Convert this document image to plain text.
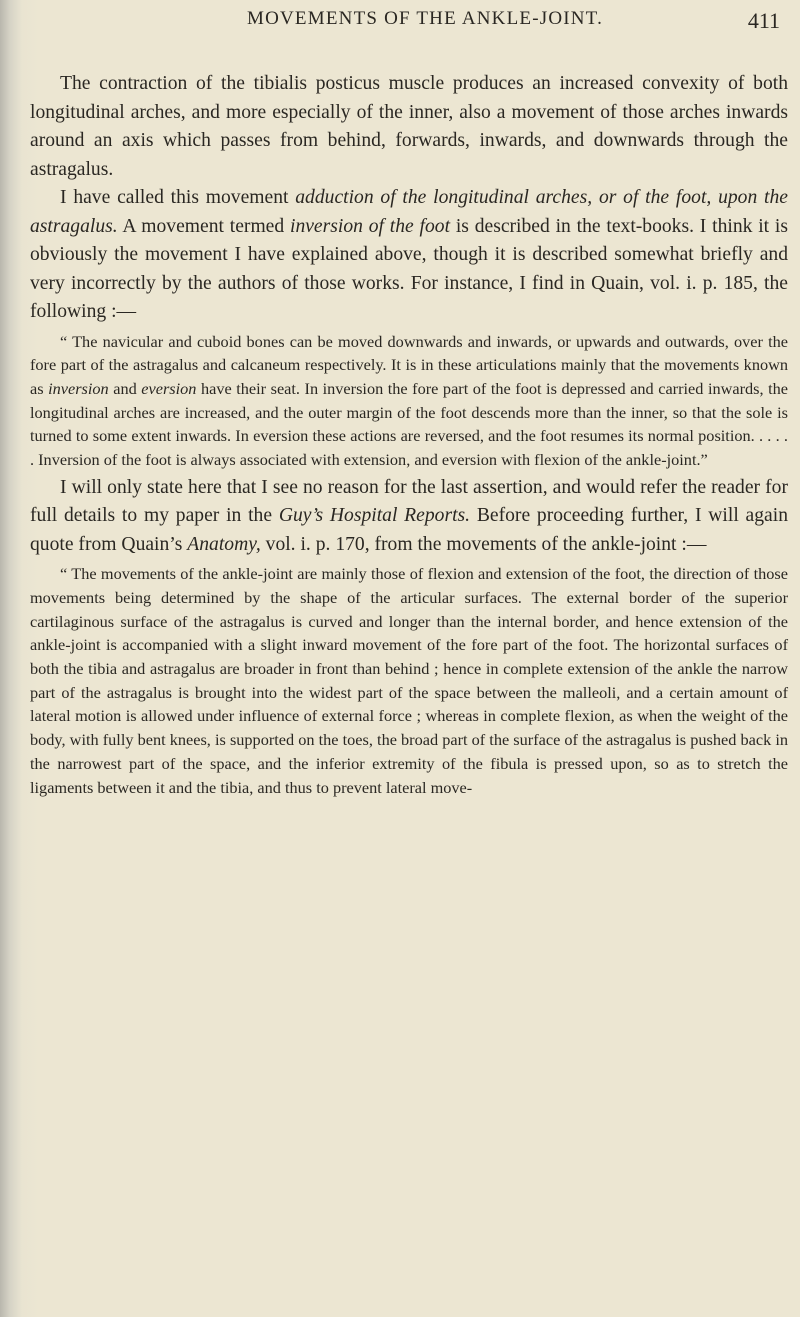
MOVEMENTS OF THE ANKLE-JOINT.	411

The contraction of the tibialis posticus muscle produces an increased convexity of both longitudinal arches, and more especially of the inner, also a movement of those arches inwards around an axis which passes from behind, forwards, inwards, and downwards through the astragalus.

I have called this movement adduction of the longitudinal arches, or of the foot, upon the astragalus. A movement termed inversion of the foot is described in the text-books. I think it is obviously the movement I have explained above, though it is described somewhat briefly and very incorrectly by the authors of those works. For instance, I find in Quain, vol. i. p. 185, the following :—

“ The navicular and cuboid bones can be moved downwards and inwards, or upwards and outwards, over the fore part of the astragalus and calcaneum respectively. It is in these articulations mainly that the movements known as inversion and eversion have their seat. In inversion the fore part of the foot is depressed and carried inwards, the longitudinal arches are increased, and the outer margin of the foot descends more than the inner, so that the sole is turned to some extent inwards. In eversion these actions are reversed, and the foot resumes its normal position. . . . . . Inversion of the foot is always associated with extension, and eversion with flexion of the ankle-joint.”

I will only state here that I see no reason for the last assertion, and would refer the reader for full details to my paper in the Guy’s Hospital Reports. Before proceeding further, I will again quote from Quain’s Anatomy, vol. i. p. 170, from the movements of the ankle-joint :—

“ The movements of the ankle-joint are mainly those of flexion and extension of the foot, the direction of those movements being determined by the shape of the articular surfaces. The external border of the superior cartilaginous surface of the astragalus is curved and longer than the internal border, and hence extension of the ankle-joint is accompanied with a slight inward movement of the fore part of the foot. The horizontal surfaces of both the tibia and astragalus are broader in front than behind ; hence in complete extension of the ankle the narrow part of the astragalus is brought into the widest part of the space between the malleoli, and a certain amount of lateral motion is allowed under influence of external force ; whereas in complete flexion, as when the weight of the body, with fully bent knees, is supported on the toes, the broad part of the surface of the astragalus is pushed back in the narrowest part of the space, and the inferior extremity of the fibula is pressed upon, so as to stretch the ligaments between it and the tibia, and thus to prevent lateral move-
